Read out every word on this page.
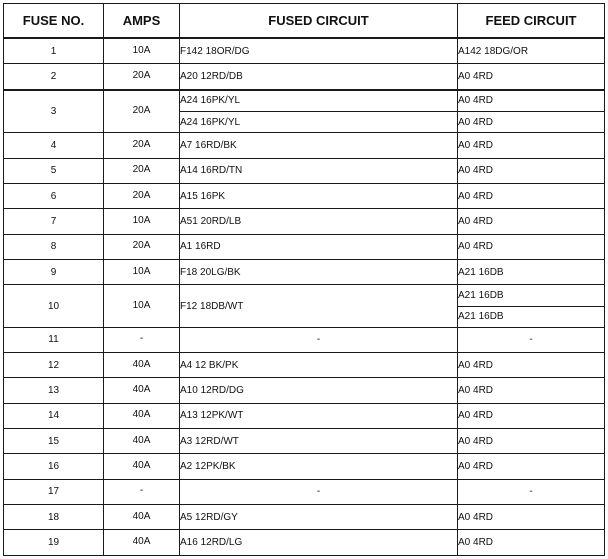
FUSE NO.	AMPS	FUSED CIRCUIT	FEED CIRCUIT
1	10A	F142 18OR/DG	A142 18DG/OR
2	20A	A20 12RD/DB	A0 4RD
3	20A	A24 16PK/YL	A0 4RD
		A24 16PK/YL	A0 4RD
4	20A	A7 16RD/BK	A0 4RD
5	20A	A14 16RD/TN	A0 4RD
6	20A	A15 16PK	A0 4RD
7	10A	A51 20RD/LB	A0 4RD
8	20A	A1 16RD	A0 4RD
9	10A	F18 20LG/BK	A21 16DB
10	10A	F12 18DB/WT	A21 16DB
			A21 16DB
11	-	-	-
12	40A	A4 12 BK/PK	A0 4RD
13	40A	A10 12RD/DG	A0 4RD
14	40A	A13 12PK/WT	A0 4RD
15	40A	A3 12RD/WT	A0 4RD
16	40A	A2 12PK/BK	A0 4RD
17	-	-	-
18	40A	A5 12RD/GY	A0 4RD
19	40A	A16 12RD/LG	A0 4RD
